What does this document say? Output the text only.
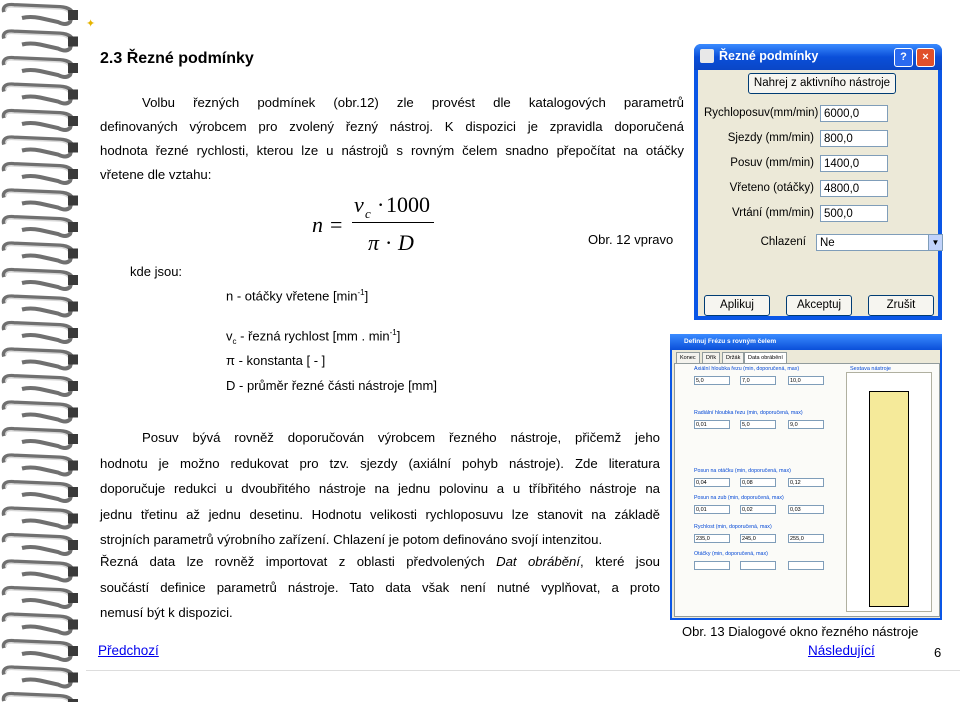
✦
2.3 Řezné podmínky
Volbu řezných podmínek (obr.12) zle provést dle katalogových parametrů
definovaných výrobcem pro zvolený řezný nástroj. K dispozici je zpravidla doporučená
hodnota řezné rychlosti, kterou lze u nástrojů s rovným čelem snadno přepočítat na otáčky
vřetene dle vztahu:
n =
v c · 1000
π · D	Obr. 12 vpravo
kde jsou:
n - otáčky vřetene $[\min^{-1}]$
$v_c$ - řezná rychlost [mm . $\min^{-1}$]
π - konstanta [ - ]
D - průměr řezné části nástroje [mm]
Posuv bývá rovněž doporučován výrobcem řezného nástroje, přičemž jeho
hodnotu je možno redukovat pro tzv. sjezdy (axiální pohyb nástroje). Zde literatura
doporučuje redukci u dvoubřitého nástroje na jednu polovinu a u tříbřitého nástroje na
jednu třetinu až jednu desetinu. Hodnotu velikosti rychloposuvu lze stanovit na základě
strojních parametrů výrobního zařízení. Chlazení je potom definováno svojí intenzitou.
Řezná data lze rovněž importovat z oblasti předvolených Dat obrábění, které jsou
součástí definice parametrů nástroje. Tato data však není nutné vyplňovat, a proto
nemusí být k dispozici.
Obr. 13 Dialogové okno řezného nástroje
Předchozí	Následující	6
Řezné podmínky	?	×
Nahrej z aktivního nástroje
Rychloposuv(mm/min) 6000,0
Sjezdy (mm/min) 800,0
Posuv (mm/min) 1400,0
Vřeteno (otáčky) 4800,0
Vrtání (mm/min) 500,0
Chlazení	Ne	▼
Aplikuj	Akceptuj	Zrušit
Definuj Frézu s rovným čelem
Konec	Dřík	Držák	Data obrábění
Axiální hloubka řezu (min, doporučená, max)
5,0	7,0	10,0
Radiální hloubka řezu (min, doporučená, max)
0,01	5,0	9,0
Posun na otáčku (min, doporučená, max)
0,04	0,08	0,12
Posun na zub (min, doporučená, max)
0,01	0,02	0,03
Rychlost (min, doporučená, max)
235,0	245,0	255,0
Otáčky (min, doporučená, max)
Sestava nástroje
